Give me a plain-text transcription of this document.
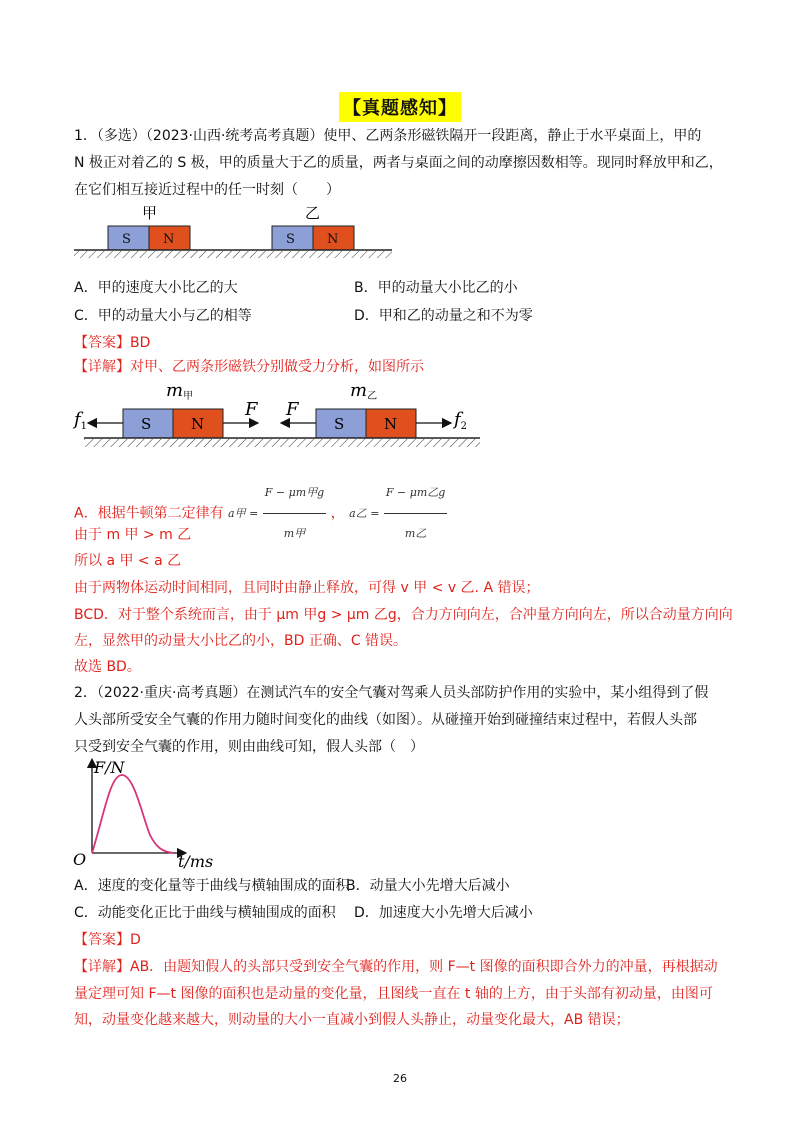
【真题感知】
1．（多选）（2023·山西·统考高考真题）使甲、乙两条形磁铁隔开一段距离，静止于水平桌面上，甲的
N 极正对着乙的 S 极，甲的质量大于乙的质量，两者与桌面之间的动摩擦因数相等。现同时释放甲和乙，
在它们相互接近过程中的任一时刻（　　）
甲	乙
S N	S N
A．甲的速度大小比乙的大	B．甲的动量大小比乙的小
C．甲的动量大小与乙的相等	D．甲和乙的动量之和不为零
【答案】BD
【详解】对甲、乙两条形磁铁分别做受力分析，如图所示
m甲	m乙
S	N	S	N
$f_1$
F F	$f_2$
A．根据牛顿第二定律有 a甲 = $\frac{\text{F − μm甲g}}{\text{m甲}}$ ， a乙 = $\frac{\text{F − μm乙g}}{\text{m乙}}$
由于 m 甲 > m 乙
所以 a 甲 < a 乙
由于两物体运动时间相同，且同时由静止释放，可得 v 甲 < v 乙. A 错误；
BCD．对于整个系统而言，由于 μm 甲g > μm 乙g，合力方向向左，合冲量方向向左，所以合动量方向向
左，显然甲的动量大小比乙的小，BD 正确、C 错误。
故选 BD。
2．（2022·重庆·高考真题）在测试汽车的安全气囊对驾乘人员头部防护作用的实验中，某小组得到了假
人头部所受安全气囊的作用力随时间变化的曲线（如图）。从碰撞开始到碰撞结束过程中，若假人头部
只受到安全气囊的作用，则由曲线可知，假人头部（　）
F/N
t/ms
O
A．速度的变化量等于曲线与横轴围成的面积
B．动量大小先增大后减小
C．动能变化正比于曲线与横轴围成的面积 D．加速度大小先增大后减小
【答案】D
【详解】AB．由题知假人的头部只受到安全气囊的作用，则 F—t 图像的面积即合外力的冲量，再根据动
量定理可知 F—t 图像的面积也是动量的变化量，且图线一直在 t 轴的上方，由于头部有初动量，由图可
知，动量变化越来越大，则动量的大小一直减小到假人头静止，动量变化最大，AB 错误；
26
